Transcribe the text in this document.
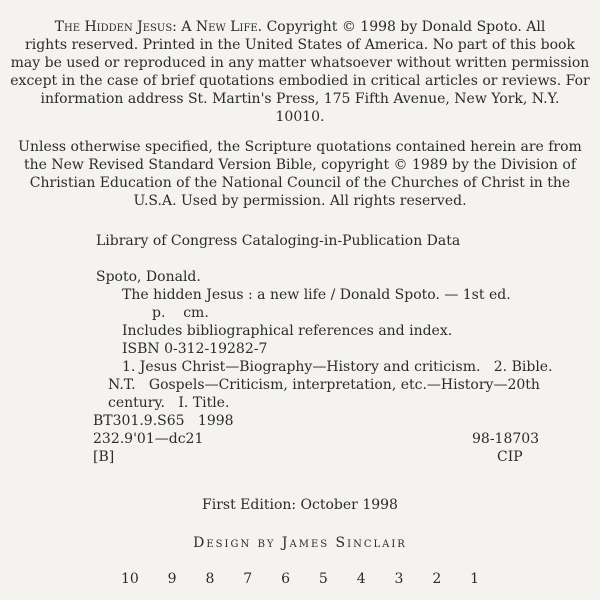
The Hidden Jesus: A New Life. Copyright © 1998 by Donald Spoto. All
rights reserved. Printed in the United States of America. No part of this book
may be used or reproduced in any matter whatsoever without written permission
except in the case of brief quotations embodied in critical articles or reviews. For
information address St. Martin's Press, 175 Fifth Avenue, New York, N.Y.
10010.
Unless otherwise specified, the Scripture quotations contained herein are from
the New Revised Standard Version Bible, copyright © 1989 by the Division of
Christian Education of the National Council of the Churches of Christ in the
U.S.A. Used by permission. All rights reserved.
Library of Congress Cataloging-in-Publication Data
Spoto, Donald.
The hidden Jesus : a new life / Donald Spoto. — 1st ed.
p.    cm.
Includes bibliographical references and index.
ISBN 0-312-19282-7
1. Jesus Christ—Biography—History and criticism.   2. Bible.
N.T.   Gospels—Criticism, interpretation, etc.—History—20th
century.   I. Title.
BT301.9.S65   1998
232.9'01—dc21	98-18703
[B]	CIP
First Edition: October 1998
Design by James Sinclair
10  9  8  7  6  5  4  3  2  1
